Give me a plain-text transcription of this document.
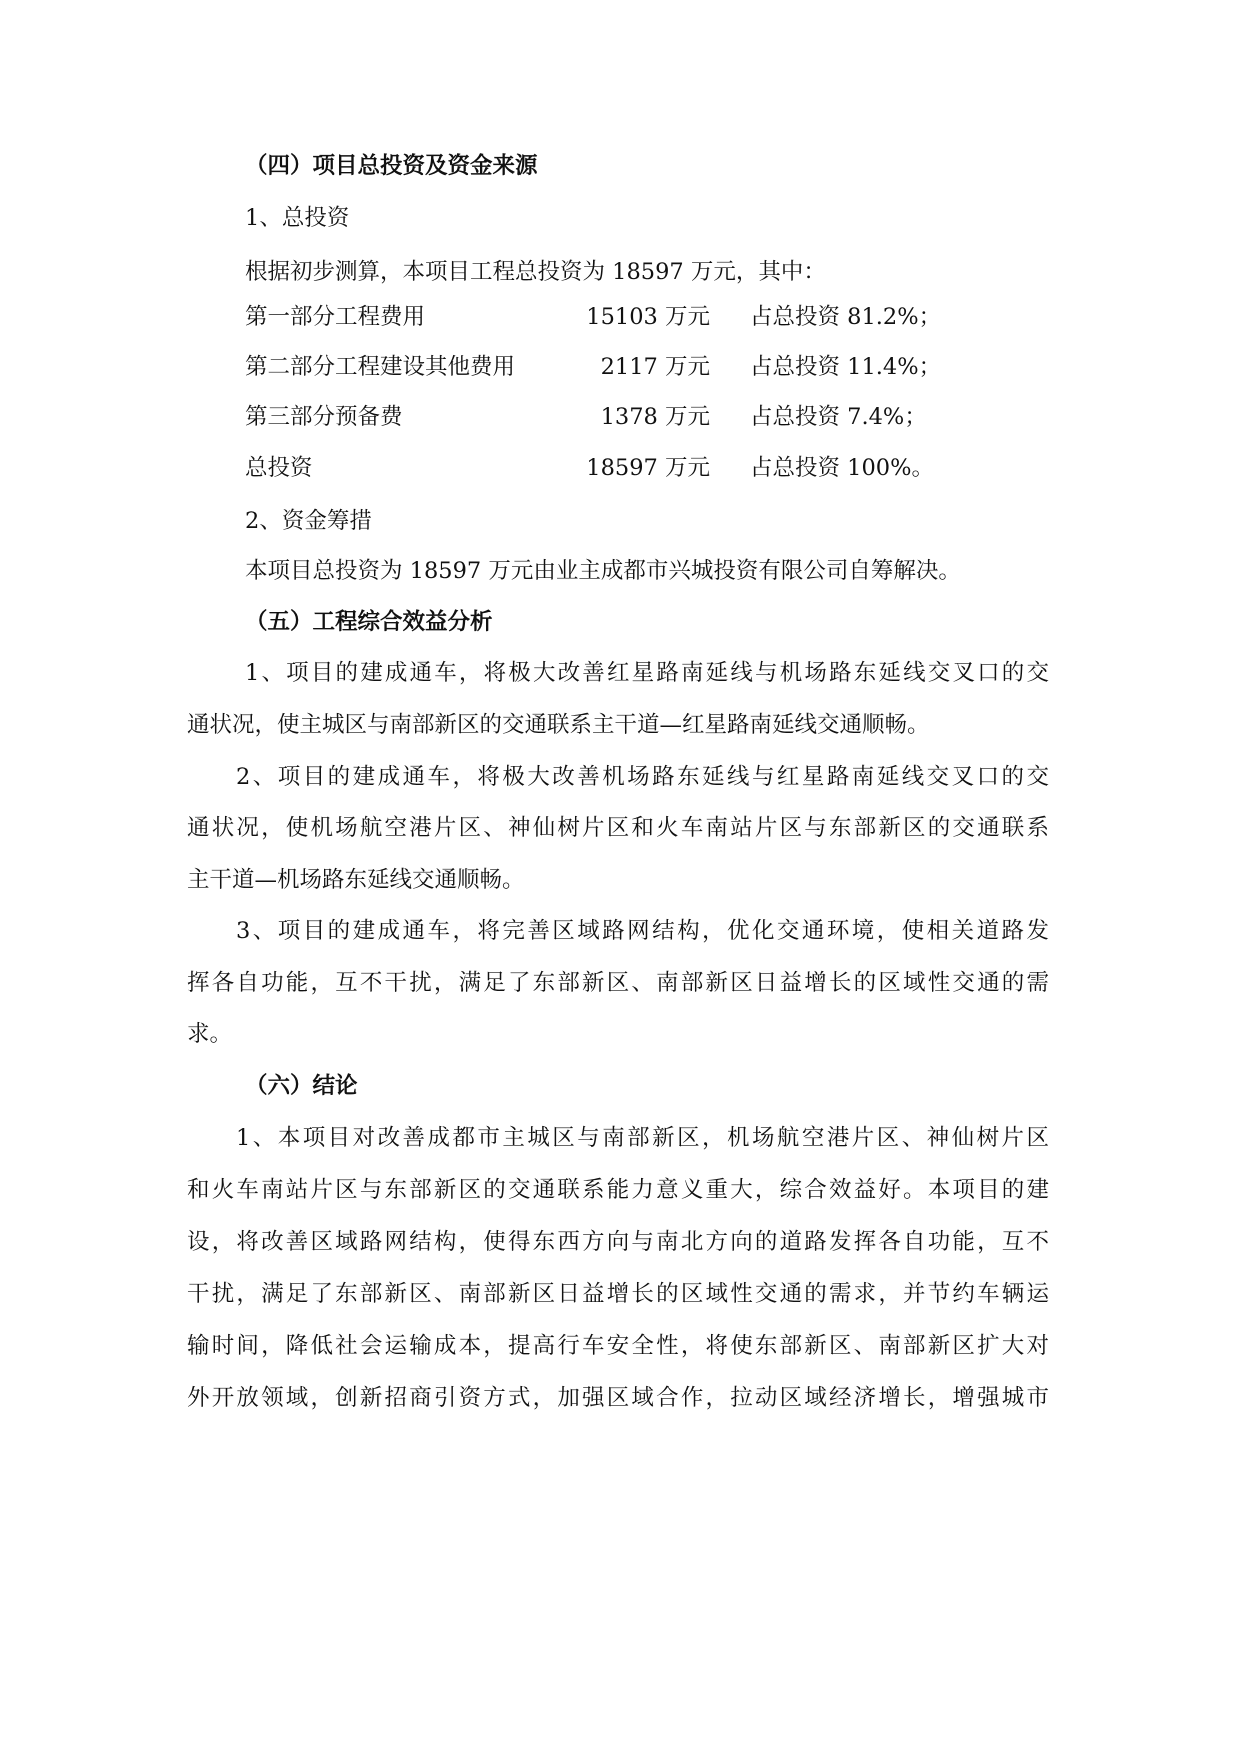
（四）项目总投资及资金来源
1、总投资
根据初步测算，本项目工程总投资为 18597 万元，其中：
第一部分工程费用	15103 万元 占总投资 81.2%；
第二部分工程建设其他费用	2117 万元 占总投资 11.4%；
第三部分预备费	1378 万元 占总投资 7.4%；
总投资	18597 万元 占总投资 100%。
2、资金筹措
本项目总投资为 18597 万元由业主成都市兴城投资有限公司自筹解决。
（五）工程综合效益分析
1、项目的建成通车，将极大改善红星路南延线与机场路东延线交叉口的交
通状况，使主城区与南部新区的交通联系主干道—红星路南延线交通顺畅。
2、项目的建成通车，将极大改善机场路东延线与红星路南延线交叉口的交
通状况，使机场航空港片区、神仙树片区和火车南站片区与东部新区的交通联系
主干道—机场路东延线交通顺畅。
3、项目的建成通车，将完善区域路网结构，优化交通环境，使相关道路发
挥各自功能，互不干扰，满足了东部新区、南部新区日益增长的区域性交通的需
求。
（六）结论
1、本项目对改善成都市主城区与南部新区，机场航空港片区、神仙树片区
和火车南站片区与东部新区的交通联系能力意义重大，综合效益好。本项目的建
设，将改善区域路网结构，使得东西方向与南北方向的道路发挥各自功能，互不
干扰，满足了东部新区、南部新区日益增长的区域性交通的需求，并节约车辆运
输时间，降低社会运输成本，提高行车安全性，将使东部新区、南部新区扩大对
外开放领域，创新招商引资方式，加强区域合作，拉动区域经济增长，增强城市
